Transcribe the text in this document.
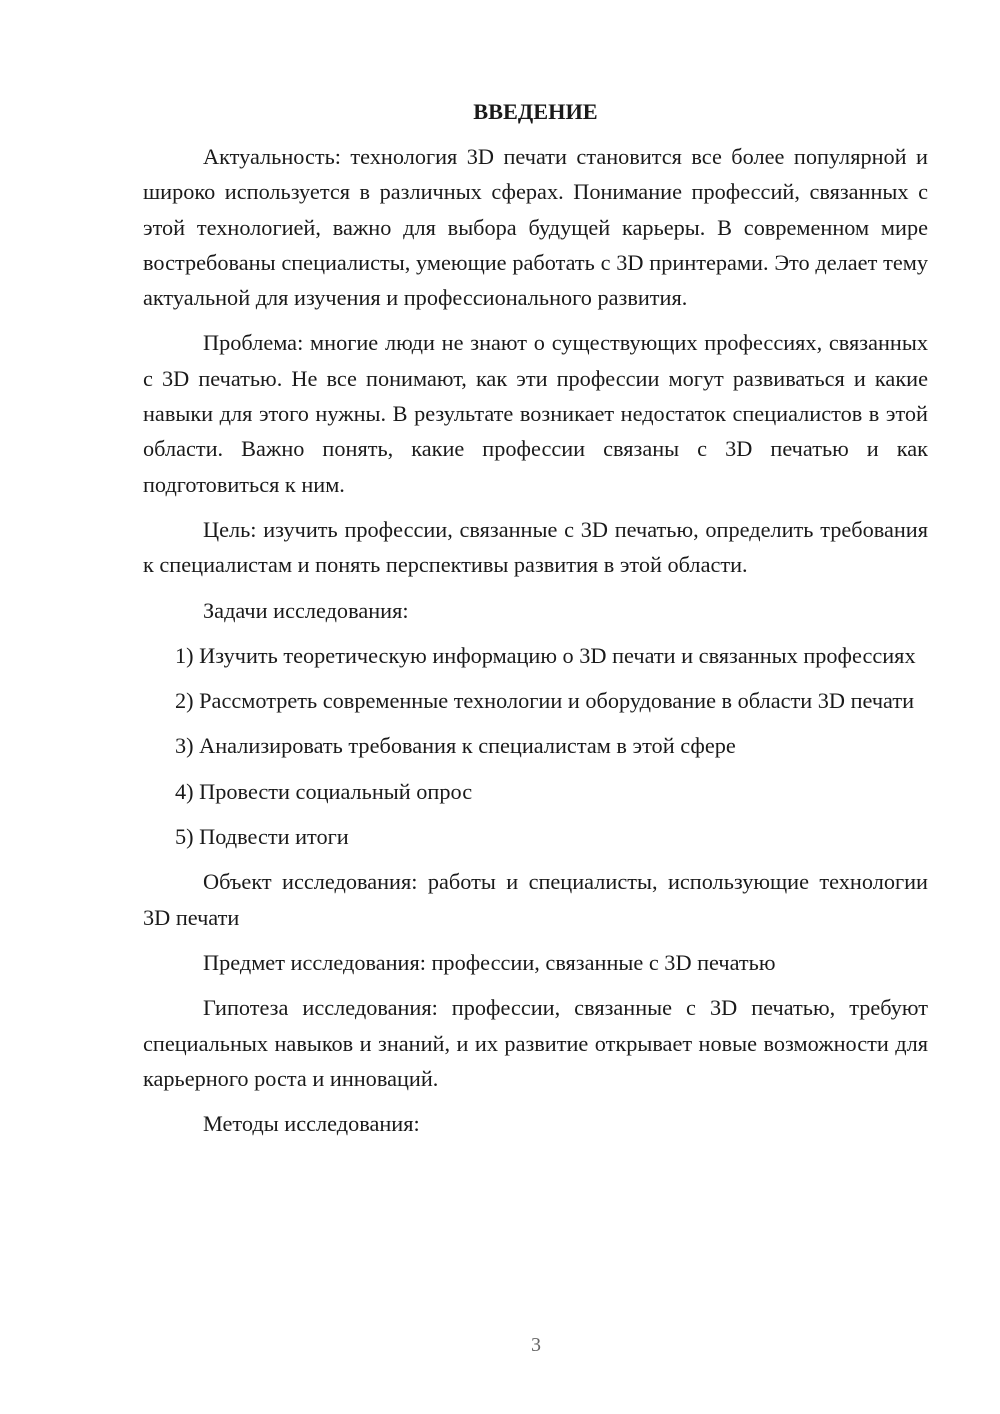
ВВЕДЕНИЕ

Актуальность: технология 3D печати становится все более популярной и широко используется в различных сферах. Понимание профессий, связанных с этой технологией, важно для выбора будущей карьеры. В современном мире востребованы специалисты, умеющие работать с 3D принтерами. Это делает тему актуальной для изучения и профессионального развития.

Проблема: многие люди не знают о существующих профессиях, связанных с 3D печатью. Не все понимают, как эти профессии могут развиваться и какие навыки для этого нужны. В результате возникает недостаток специалистов в этой области. Важно понять, какие профессии связаны с 3D печатью и как подготовиться к ним.

Цель: изучить профессии, связанные с 3D печатью, определить требования к специалистам и понять перспективы развития в этой области.

Задачи исследования:

1) Изучить теоретическую информацию о 3D печати и связанных профессиях

2) Рассмотреть современные технологии и оборудование в области 3D печати

3) Анализировать требования к специалистам в этой сфере

4) Провести социальный опрос

5) Подвести итоги

Объект исследования: работы и специалисты, использующие технологии 3D печати

Предмет исследования: профессии, связанные с 3D печатью

Гипотеза исследования: профессии, связанные с 3D печатью, требуют специальных навыков и знаний, и их развитие открывает новые возможности для карьерного роста и инноваций.

Методы исследования:

3
